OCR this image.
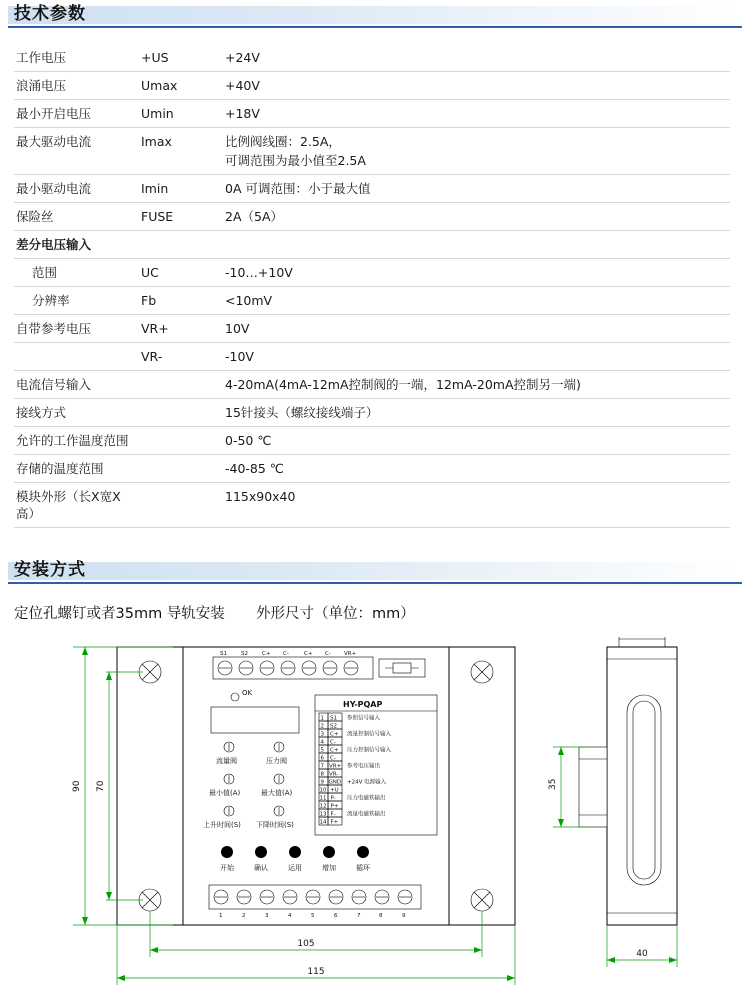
技术参数
工作电压	+US	+24V
浪涌电压	Umax	+40V
最小开启电压	Umin	+18V
最大驱动电流	Imax	比例阀线圈：2.5A，
		可调范围为最小值至2.5A
最小驱动电流	Imin	0A 可调范围：小于最大值
保险丝	FUSE	2A（5A）
差分电压输入		
范围	UC	-10…+10V
分辨率	Fb	<10mV
自带参考电压	VR+	10V
	VR-	-10V
电流信号输入		4-20mA(4mA-12mA控制阀的一端，12mA-20mA控制另一端)
接线方式		15针接头（螺纹接线端子）
允许的工作温度范围		0-50 ℃
存储的温度范围		-40-85 ℃
模块外形（长X宽X高）		115x90x40
安装方式
定位孔螺钉或者35mm 导轨安装 外形尺寸（单位：mm）
S1	S2	C+ C-	C+ C- VR+
OK
HY-PQAP
1 S1 参照信号输入
2 S2
3 C+ 流量控制信号输入
4 C-
5 C+ 压力控制信号输入
6 C-
7 VR+ 参考电压输出
8 VR-
9 GND +24V 电源输入
10 +U
11 P- 压力电磁铁输出
12 P+
13 F- 流量电磁铁输出
14 F+
流量阀	压力阀
最小值(A)	最大值(A)
上升时间(S) 下降时间(S)
开始	确认	运用	增加	循环
1	2	3	4	5	6	7	8	9
90 70
105
115
35
40
